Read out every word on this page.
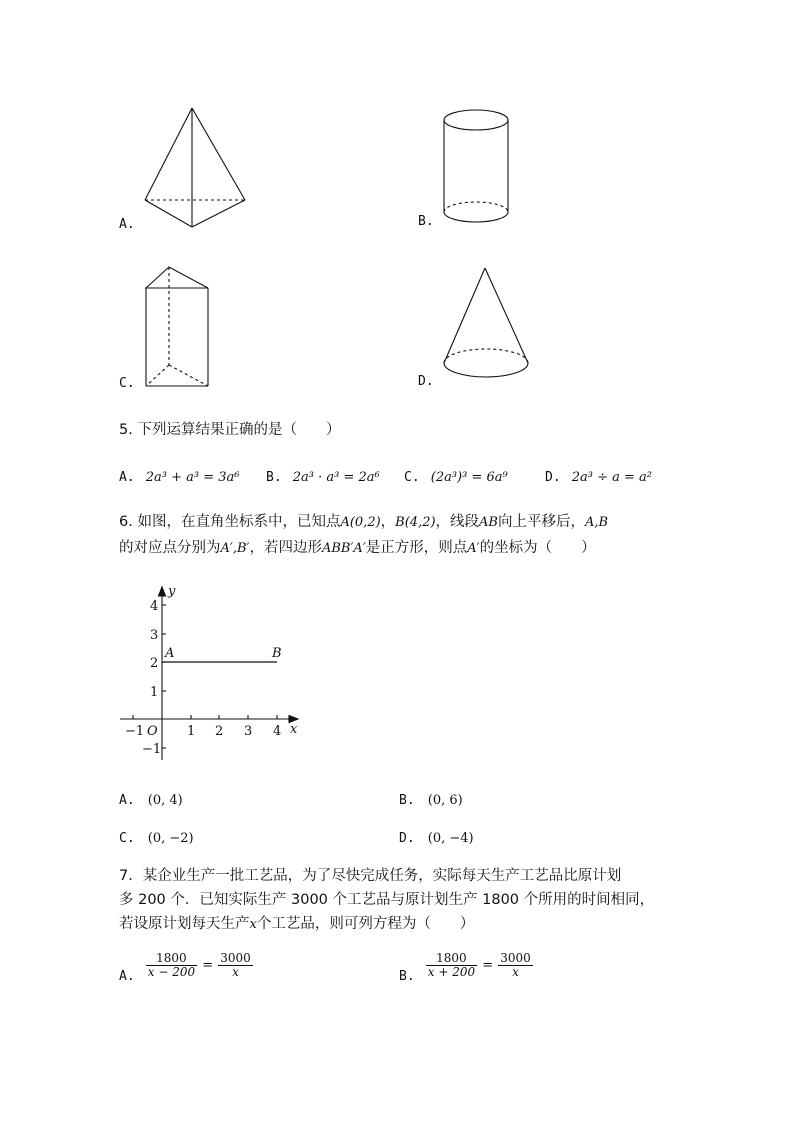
A.	B.
C.	D.
5. 下列运算结果正确的是（　　）
A. 2a³ + a³ = 3a⁶ B. 2a³ · a³ = 2a⁶ C. (2a³)³ = 6a⁹	D. 2a³ ÷ a = a²
6. 如图，在直角坐标系中，已知点A(0,2)，B(4,2)，线段AB向上平移后，A,B
的对应点分别为A′,B′，若四边形ABB′A′是正方形，则点A′的坐标为（　　）
−1	1 2 3 4
4
3
2
1
−1
O	x
y
A	B
A. (0, 4)	B. (0, 6)
C. (0, −2)	D. (0, −4)
7．某企业生产一批工艺品，为了尽快完成任务，实际每天生产工艺品比原计划
多 200 个．已知实际生产 3000 个工艺品与原计划生产 1800 个所用的时间相同，
若设原计划每天生产x个工艺品，则可列方程为（　　）
$_{A.} \frac{1800}{x - 200} = \frac{3000}{x}$	$_{B.} \frac{1800}{x + 200} = \frac{3000}{x}$
